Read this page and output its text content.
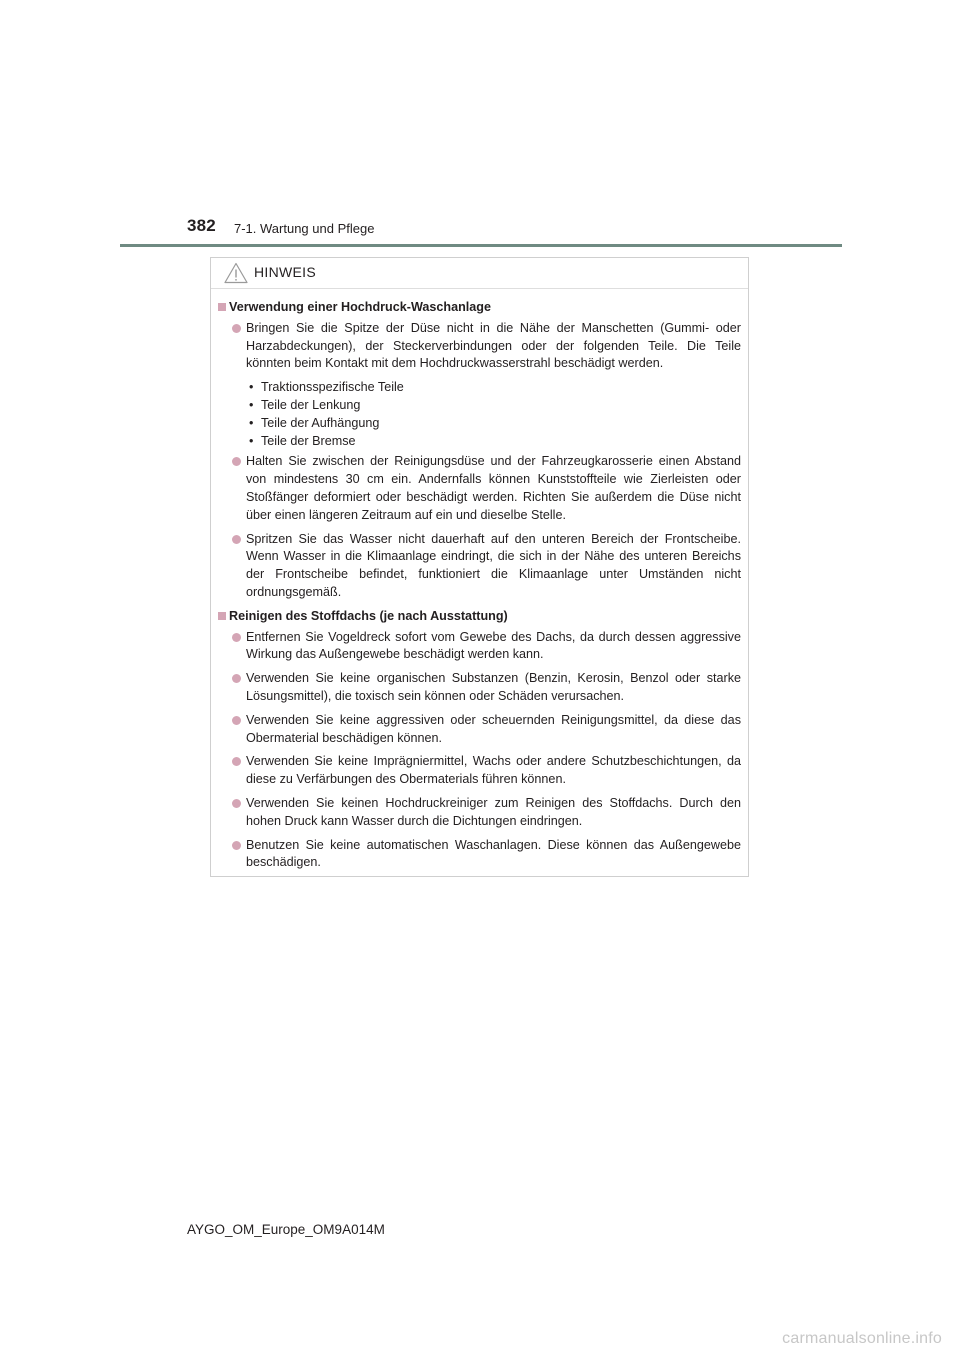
382 7-1. Wartung und Pflege
HINWEIS
Verwendung einer Hochdruck-Waschanlage
Bringen Sie die Spitze der Düse nicht in die Nähe der Manschetten (Gummi- oder Harzabdeckungen), der Steckerverbindungen oder der folgenden Teile. Die Teile könnten beim Kontakt mit dem Hochdruckwasserstrahl beschädigt werden.
• Traktionsspezifische Teile
• Teile der Lenkung
• Teile der Aufhängung
• Teile der Bremse
Halten Sie zwischen der Reinigungsdüse und der Fahrzeugkarosserie einen Abstand von mindestens 30 cm ein. Andernfalls können Kunststoffteile wie Zierleisten oder Stoßfänger deformiert oder beschädigt werden. Richten Sie außerdem die Düse nicht über einen längeren Zeitraum auf ein und dieselbe Stelle.
Spritzen Sie das Wasser nicht dauerhaft auf den unteren Bereich der Frontscheibe. Wenn Wasser in die Klimaanlage eindringt, die sich in der Nähe des unteren Bereichs der Frontscheibe befindet, funktioniert die Klimaanlage unter Umständen nicht ordnungsgemäß.
Reinigen des Stoffdachs (je nach Ausstattung)
Entfernen Sie Vogeldreck sofort vom Gewebe des Dachs, da durch dessen aggressive Wirkung das Außengewebe beschädigt werden kann.
Verwenden Sie keine organischen Substanzen (Benzin, Kerosin, Benzol oder starke Lösungsmittel), die toxisch sein können oder Schäden verursachen.
Verwenden Sie keine aggressiven oder scheuernden Reinigungsmittel, da diese das Obermaterial beschädigen können.
Verwenden Sie keine Imprägniermittel, Wachs oder andere Schutzbeschichtungen, da diese zu Verfärbungen des Obermaterials führen können.
Verwenden Sie keinen Hochdruckreiniger zum Reinigen des Stoffdachs. Durch den hohen Druck kann Wasser durch die Dichtungen eindringen.
Benutzen Sie keine automatischen Waschanlagen. Diese können das Außengewebe beschädigen.
AYGO_OM_Europe_OM9A014M
carmanualsonline.info
